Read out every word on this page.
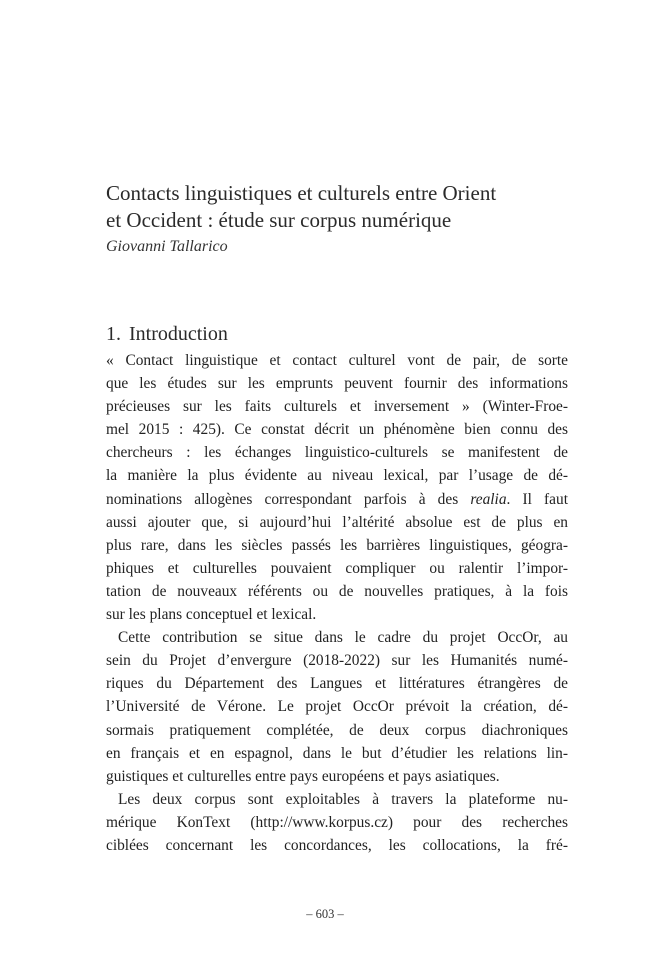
Contacts linguistiques et culturels entre Orient
et Occident : étude sur corpus numérique
Giovanni Tallarico
1. Introduction
« Contact linguistique et contact culturel vont de pair, de sorte
que les études sur les emprunts peuvent fournir des informations
précieuses sur les faits culturels et inversement » (Winter-Froe-
mel 2015 : 425). Ce constat décrit un phénomène bien connu des
chercheurs : les échanges linguistico-culturels se manifestent de
la manière la plus évidente au niveau lexical, par l’usage de dé-
nominations allogènes correspondant parfois à des realia. Il faut
aussi ajouter que, si aujourd’hui l’altérité absolue est de plus en
plus rare, dans les siècles passés les barrières linguistiques, géogra-
phiques et culturelles pouvaient compliquer ou ralentir l’impor-
tation de nouveaux référents ou de nouvelles pratiques, à la fois
sur les plans conceptuel et lexical.
Cette contribution se situe dans le cadre du projet OccOr, au
sein du Projet d’envergure (2018-2022) sur les Humanités numé-
riques du Département des Langues et littératures étrangères de
l’Université de Vérone. Le projet OccOr prévoit la création, dé-
sormais pratiquement complétée, de deux corpus diachroniques
en français et en espagnol, dans le but d’étudier les relations lin-
guistiques et culturelles entre pays européens et pays asiatiques.
Les deux corpus sont exploitables à travers la plateforme nu-
mérique KonText (http://www.korpus.cz) pour des recherches
ciblées concernant les concordances, les collocations, la fré-
– 603 –
